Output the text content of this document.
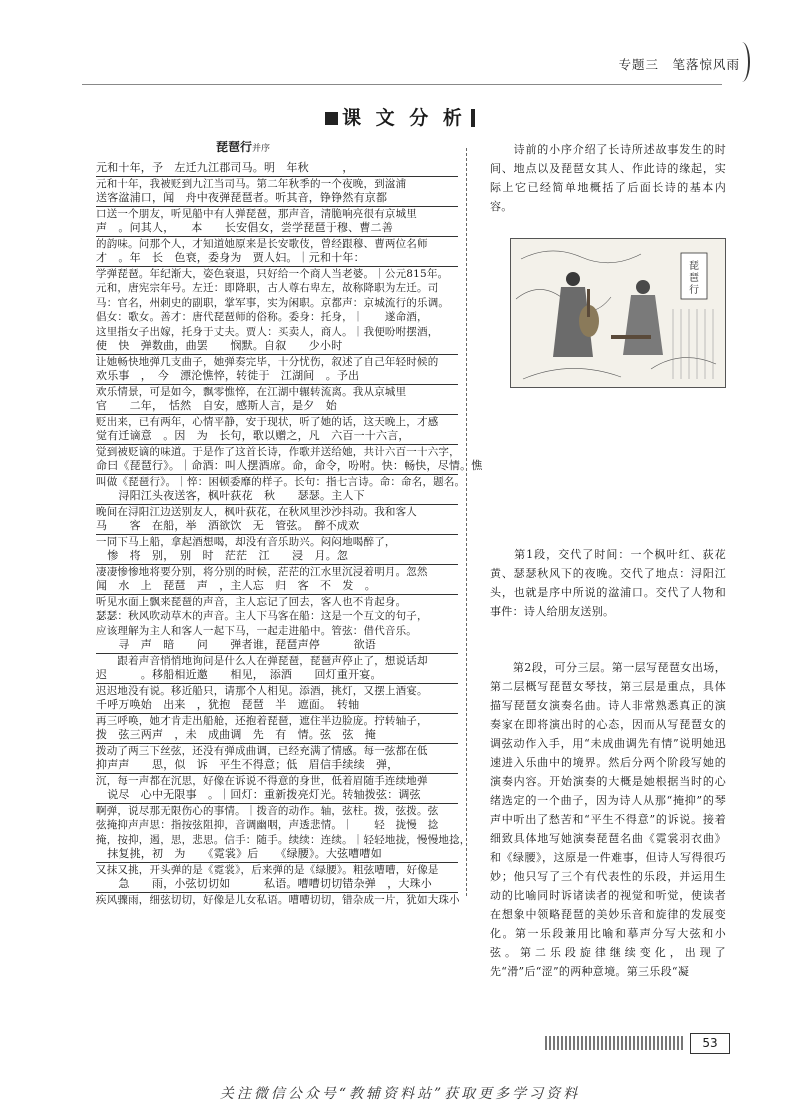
专题三　笔落惊风雨
课 文 分 析
琵琶行并序
元和十年，予　左迁九江郡司马。明　年秋　　　，
元和十年，我被贬到九江当司马。第二年秋季的一个夜晚，到湓浦
送客湓浦口，闻　舟中夜弹琵琶者。听其音，铮铮然有京都
口送一个朋友，听见船中有人弹琵琶，那声音，清脆响亮很有京城里
声　。问其人，　　本　　长安倡女，尝学琵琶于穆、曹二善
的韵味。问那个人，才知道她原来是长安歌伎，曾经跟穆、曹两位名师
才　。年　长　色衰，委身为　贾人妇。｜元和十年：
学弹琵琶。年纪渐大，姿色衰退，只好给一个商人当老婆。｜公元815年。
元和，唐宪宗年号。左迁：即降职，古人尊右卑左，故称降职为左迁。司
马：官名，州刺史的副职，掌军事，实为闲职。京都声：京城流行的乐调。
倡女：歌女。善才：唐代琵琶师的俗称。委身：托身，｜　　遂命酒，
这里指女子出嫁，托身于丈夫。贾人：买卖人，商人。｜我便吩咐摆酒，
使　快　弹数曲，曲罢　　悯默。自叙　　少小时
让她畅快地弹几支曲子，她弹奏完毕，十分忧伤，叙述了自己年轻时候的
欢乐事　，　今　漂沦憔悴，转徙于　江湖间　。予出
欢乐情景，可是如今，飘零憔悴，在江湖中辗转流离。我从京城里
官　　二年，　恬然　自安，感斯人言，是夕　始
贬出来，已有两年，心情平静，安于现状，听了她的话，这天晚上，才感
觉有迁谪意　。因　为　长句，歌以赠之，凡　六百一十六言，
觉到被贬谪的味道。于是作了这首长诗，作歌并送给她，共计六百一十六字，
命曰《琵琶行》。｜命酒：叫人摆酒席。命，命令，吩咐。快：畅快，尽情。憔
叫做《琵琶行》。｜悴：困顿委靡的样子。长句：指七言诗。命：命名，题名。
　　浔阳江头夜送客，枫叶荻花　秋　　瑟瑟。主人下
晚间在浔阳江边送别友人，枫叶荻花，在秋风里沙沙抖动。我和客人
马　　客　在船，举　酒欲饮　无　管弦。　醉不成欢
一同下马上船，拿起酒想喝，却没有音乐助兴。闷闷地喝醉了，
　惨　将　别，　别　时　茫茫　江　　浸　月。忽
凄凄惨惨地将要分别，将分别的时候，茫茫的江水里沉浸着明月。忽然
闻　水　上　琵琶　声　，主人忘　归　客　不　发　。
听见水面上飘来琵琶的声音，主人忘记了回去，客人也不肯起身。
瑟瑟：秋风吹动草木的声音。主人下马客在船：这是一个互文的句子，
应该理解为主人和客人一起下马，一起走进船中。管弦：借代音乐。
　　寻　声　暗　　问　　弹者谁，琵琶声停　　　欲语
　　跟着声音悄悄地询问是什么人在弹琵琶，琵琶声停止了，想说话却
迟　　　。移船相近邀　　相见，　添酒　　回灯重开宴。
迟迟地没有说。移近船只，请那个人相见。添酒，挑灯，又摆上酒宴。
千呼万唤始　出来　，犹抱　琵琶　半　遮面。　转轴
再三呼唤，她才肯走出船舱，还抱着琵琶，遮住半边脸庞。拧转轴子，
拨　弦三两声　，未　成曲调　先　有　情。弦　弦　掩
拨动了两三下丝弦，还没有弹成曲调，已经充满了情感。每一弦都在低
抑声声　　思，似　诉　平生不得意；低　眉信手续续　弹，
沉，每一声都在沉思，好像在诉说不得意的身世，低着眉随手连续地弹
　说尽　心中无限事　。｜回灯：重新拨亮灯光。转轴拨弦：调弦
啊弹，说尽那无限伤心的事情。｜拨音的动作。轴，弦柱。拨，弦拨。弦
弦掩抑声声思：指按弦阻抑，音调幽咽，声透悲情。｜　　轻　拢慢　捻
掩，按抑，遏，思，悲思。信手：随手。续续：连续。｜轻轻地拢，慢慢地捻，
　抹复挑，初　为　　《霓裳》后　　《绿腰》。大弦嘈嘈如
又抹又挑，开头弹的是《霓裳》，后来弹的是《绿腰》。粗弦嘈嘈，好像是
　　急　　雨，小弦切切如　　　私语。嘈嘈切切错杂弹　，大珠小
疾风骤雨，细弦切切，好像是儿女私语。嘈嘈切切，错杂成一片，犹如大珠小
　　诗前的小序介绍了长诗所述故事发生的时间、地点以及琵琶女其人、作此诗的缘起，实际上它已经简单地概括了后面长诗的基本内容。
琵琶行
　　第1段，交代了时间：一个枫叶红、荻花黄、瑟瑟秋风下的夜晚。交代了地点：浔阳江头，也就是序中所说的湓浦口。交代了人物和事件：诗人给朋友送别。
　　第2段，可分三层。第一层写琵琶女出场，第二层概写琵琶女琴技，第三层是重点，具体描写琵琶女演奏名曲。诗人非常熟悉真正的演奏家在即将演出时的心态，因而从写琵琶女的调弦动作入手，用“未成曲调先有情”说明她迅速进入乐曲中的境界。然后分两个阶段写她的演奏内容。开始演奏的大概是她根据当时的心绪选定的一个曲子，因为诗人从那“掩抑”的琴声中听出了愁苦和“平生不得意”的诉说。接着细致具体地写她演奏琵琶名曲《霓裳羽衣曲》和《绿腰》，这原是一件难事，但诗人写得很巧妙；他只写了三个有代表性的乐段，并运用生动的比喻同时诉诸读者的视觉和听觉，使读者在想象中领略琵琶的美妙乐音和旋律的发展变化。第一乐段兼用比喻和摹声分写大弦和小弦。第二乐段旋律继续变化，出现了先“滑”后“涩”的两种意境。第三乐段“凝
53
关注微信公众号“教辅资料站”获取更多学习资料
